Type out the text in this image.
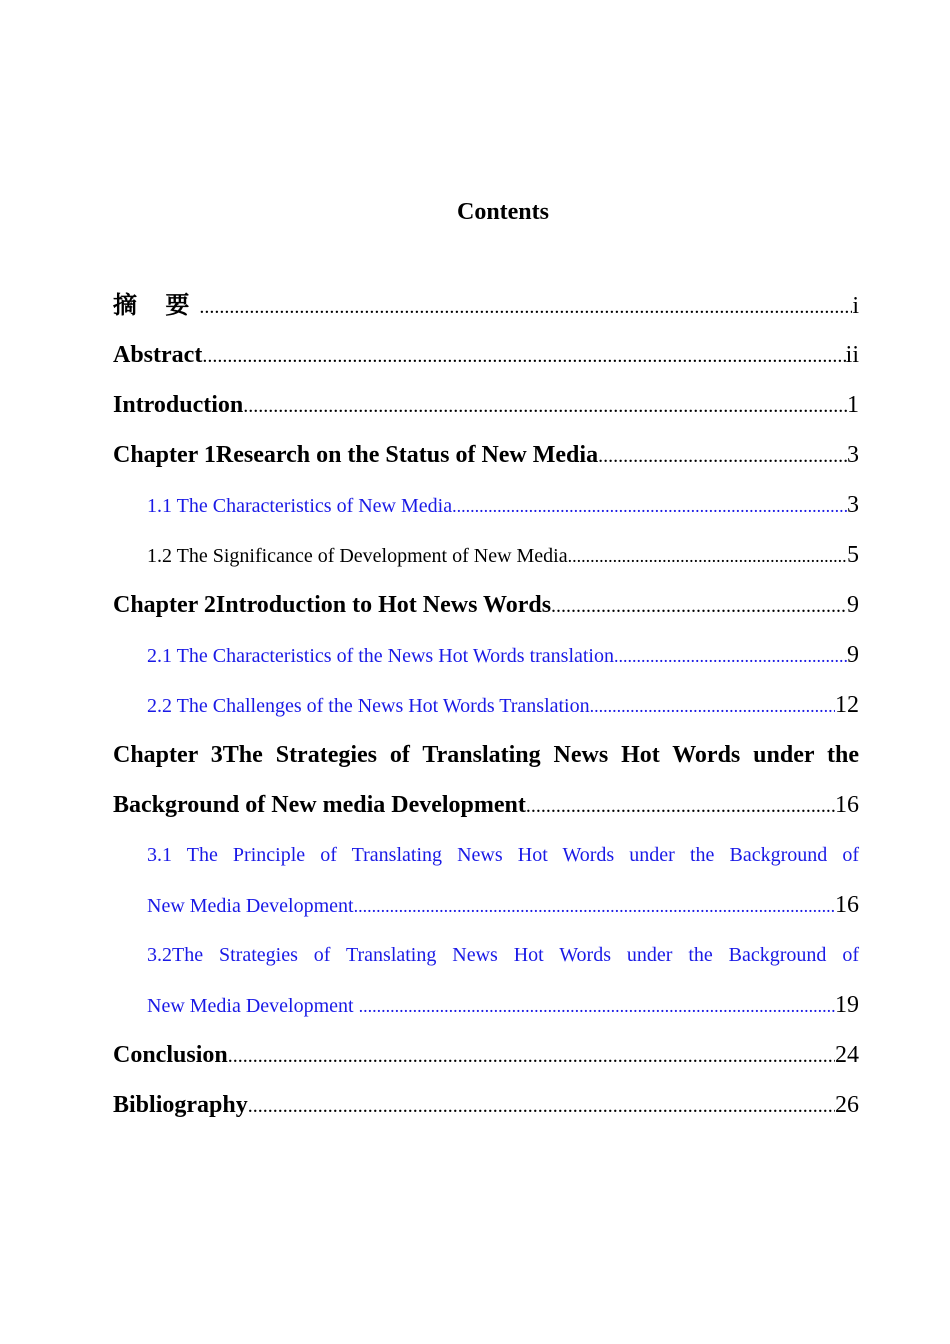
Contents
摘 要 .....	i
Abstract .....	ii
Introduction .....	1
Chapter 1Research on the Status of New Media .....	3
1.1 The Characteristics of New Media .....	3
1.2 The Significance of Development of New Media .....	5
Chapter 2Introduction to Hot News Words .....	9
2.1 The Characteristics of the News Hot Words translation .....	9
2.2 The Challenges of the News Hot Words Translation .....	12
Chapter 3The Strategies of Translating News Hot Words under the
Background of New media Development .....	16
3.1 The Principle of Translating News Hot Words under the Background of
New Media Development .....	16
3.2The Strategies of Translating News Hot Words under the Background of
New Media Development .....	19
Conclusion .....	24
Bibliography .....	26
